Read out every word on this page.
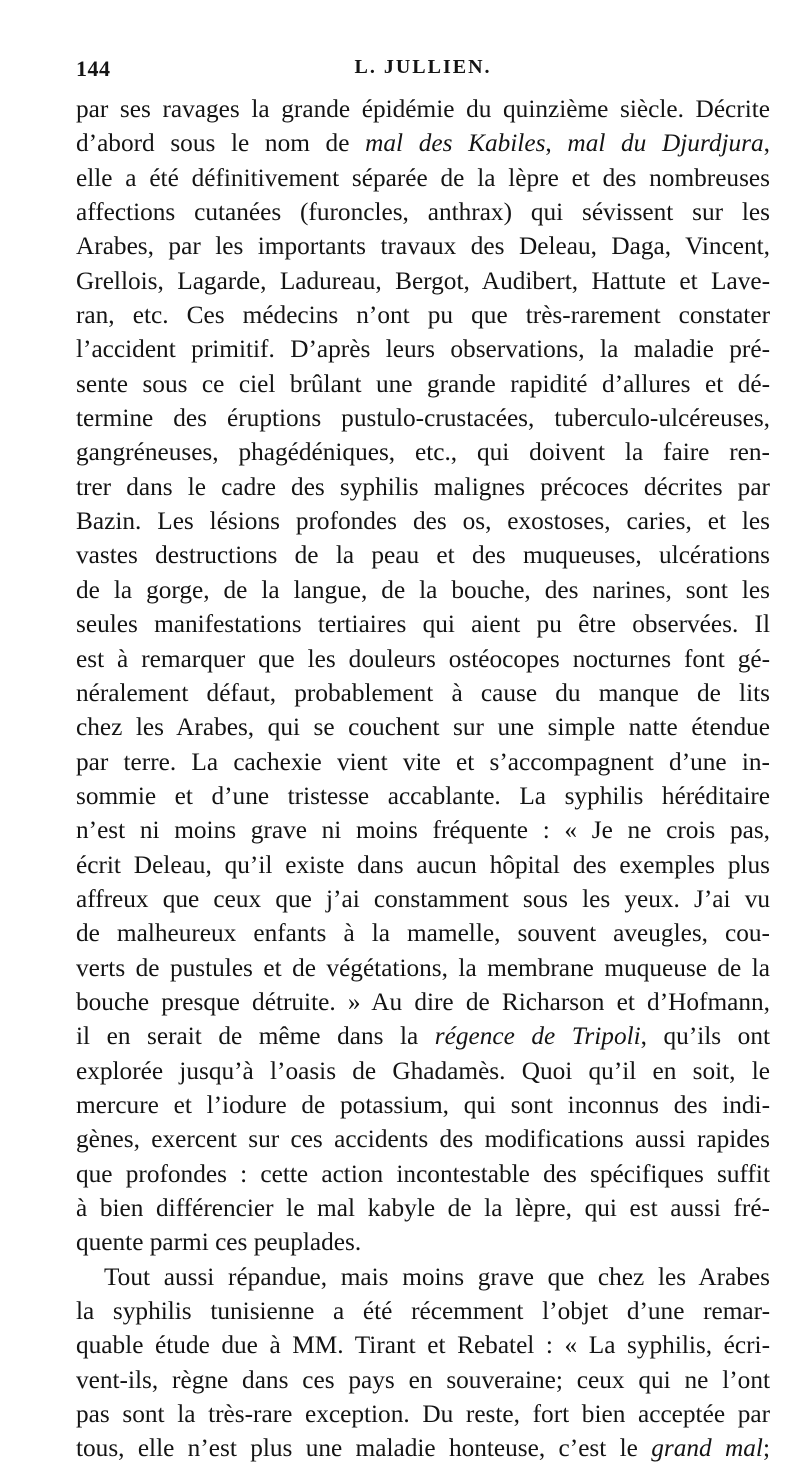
144	L. JULLIEN.
par ses ravages la grande épidémie du quinzième siècle. Décrite
d’abord sous le nom de mal des Kabiles, mal du Djurdjura,
elle a été définitivement séparée de la lèpre et des nombreuses
affections cutanées (furoncles, anthrax) qui sévissent sur les
Arabes, par les importants travaux des Deleau, Daga, Vincent,
Grellois, Lagarde, Ladureau, Bergot, Audibert, Hattute et Lave-
ran, etc. Ces médecins n’ont pu que très-rarement constater
l’accident primitif. D’après leurs observations, la maladie pré-
sente sous ce ciel brûlant une grande rapidité d’allures et dé-
termine des éruptions pustulo-crustacées, tuberculo-ulcéreuses,
gangréneuses, phagédéniques, etc., qui doivent la faire ren-
trer dans le cadre des syphilis malignes précoces décrites par
Bazin. Les lésions profondes des os, exostoses, caries, et les
vastes destructions de la peau et des muqueuses, ulcérations
de la gorge, de la langue, de la bouche, des narines, sont les
seules manifestations tertiaires qui aient pu être observées. Il
est à remarquer que les douleurs ostéocopes nocturnes font gé-
néralement défaut, probablement à cause du manque de lits
chez les Arabes, qui se couchent sur une simple natte étendue
par terre. La cachexie vient vite et s’accompagnent d’une in-
sommie et d’une tristesse accablante. La syphilis héréditaire
n’est ni moins grave ni moins fréquente : « Je ne crois pas,
écrit Deleau, qu’il existe dans aucun hôpital des exemples plus
affreux que ceux que j’ai constamment sous les yeux. J’ai vu
de malheureux enfants à la mamelle, souvent aveugles, cou-
verts de pustules et de végétations, la membrane muqueuse de la
bouche presque détruite. » Au dire de Richarson et d’Hofmann,
il en serait de même dans la régence de Tripoli, qu’ils ont
explorée jusqu’à l’oasis de Ghadamès. Quoi qu’il en soit, le
mercure et l’iodure de potassium, qui sont inconnus des indi-
gènes, exercent sur ces accidents des modifications aussi rapides
que profondes : cette action incontestable des spécifiques suffit
à bien différencier le mal kabyle de la lèpre, qui est aussi fré-
quente parmi ces peuplades.
Tout aussi répandue, mais moins grave que chez les Arabes
la syphilis tunisienne a été récemment l’objet d’une remar-
quable étude due à MM. Tirant et Rebatel : « La syphilis, écri-
vent-ils, règne dans ces pays en souveraine; ceux qui ne l’ont
pas sont la très-rare exception. Du reste, fort bien acceptée par
tous, elle n’est plus une maladie honteuse, c’est le grand mal;
